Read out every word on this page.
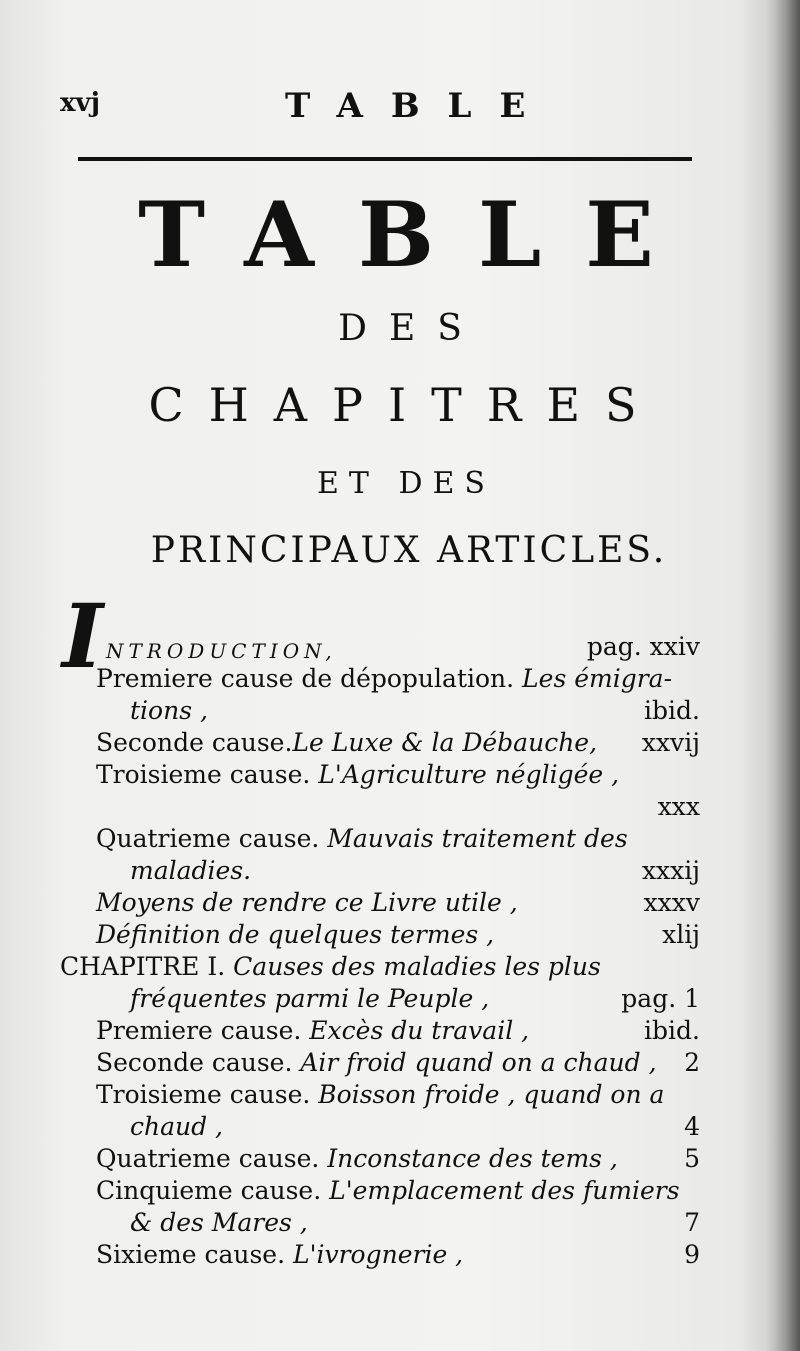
xvj	TABLE
TABLE
DES
CHAPITRES
ET DES
PRINCIPAUX ARTICLES.
I NTRODUCTION,	pag. xxiv
Premiere cause de dépopulation. Les émigra-
tions ,	ibid.
Seconde cause.Le Luxe & la Débauche, xxvij
Troisieme cause. L'Agriculture négligée ,
xxx
Quatrieme cause. Mauvais traitement des
maladies.	xxxij
Moyens de rendre ce Livre utile ,	xxxv
Définition de quelques termes ,	xlij
CHAPITRE I. Causes des maladies les plus
fréquentes parmi le Peuple ,	pag. 1
Premiere cause. Excès du travail ,	ibid.
Seconde cause. Air froid quand on a chaud , 2
Troisieme cause. Boisson froide , quand on a
chaud ,	4
Quatrieme cause. Inconstance des tems ,	5
Cinquieme cause. L'emplacement des fumiers
& des Mares ,	7
Sixieme cause. L'ivrognerie ,	9
